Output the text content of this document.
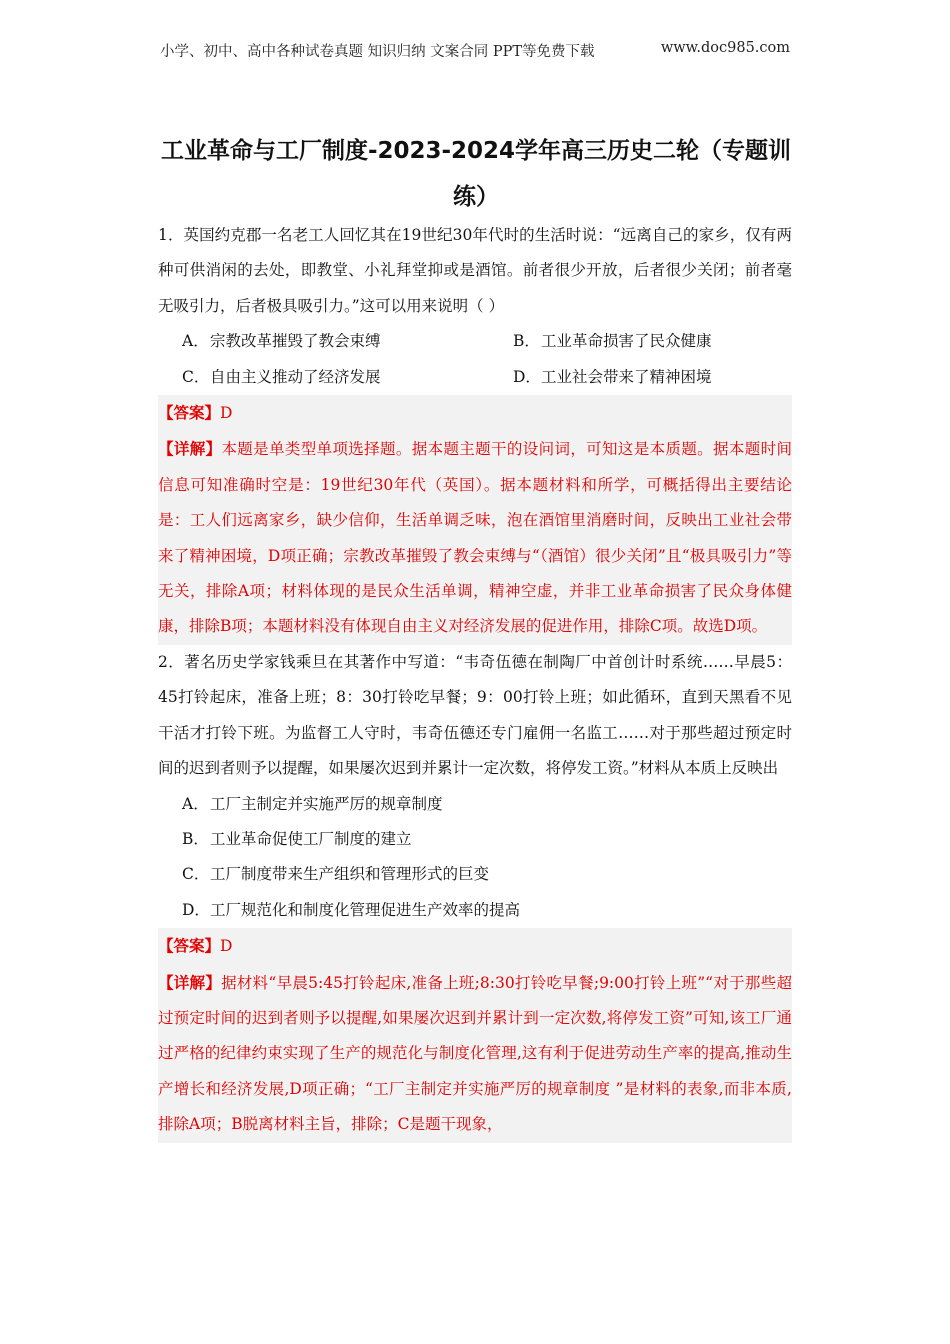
小学、初中、高中各种试卷真题 知识归纳 文案合同 PPT等免费下载	www.doc985.com
工业革命与工厂制度-2023-2024学年高三历史二轮（专题训练）
1．英国约克郡一名老工人回忆其在19世纪30年代时的生活时说：“远离自己的家乡，仅有两种可供消闲的去处，即教堂、小礼拜堂抑或是酒馆。前者很少开放，后者很少关闭；前者毫无吸引力，后者极具吸引力。”这可以用来说明（ ）
A．宗教改革摧毁了教会束缚	B．工业革命损害了民众健康
C．自由主义推动了经济发展	D．工业社会带来了精神困境
【答案】D
【详解】本题是单类型单项选择题。据本题主题干的设问词，可知这是本质题。据本题时间信息可知准确时空是：19世纪30年代（英国）。据本题材料和所学，可概括得出主要结论是：工人们远离家乡，缺少信仰，生活单调乏味，泡在酒馆里消磨时间，反映出工业社会带来了精神困境，D项正确；宗教改革摧毁了教会束缚与“（酒馆）很少关闭”且“极具吸引力”等无关，排除A项；材料体现的是民众生活单调，精神空虚，并非工业革命损害了民众身体健康，排除B项；本题材料没有体现自由主义对经济发展的促进作用，排除C项。故选D项。
2．著名历史学家钱乘旦在其著作中写道：“韦奇伍德在制陶厂中首创计时系统……早晨5：45打铃起床，准备上班；8：30打铃吃早餐；9：00打铃上班；如此循环，直到天黑看不见干活才打铃下班。为监督工人守时，韦奇伍德还专门雇佣一名监工……对于那些超过预定时间的迟到者则予以提醒，如果屡次迟到并累计一定次数，将停发工资。”材料从本质上反映出
A．工厂主制定并实施严厉的规章制度
B．工业革命促使工厂制度的建立
C．工厂制度带来生产组织和管理形式的巨变
D．工厂规范化和制度化管理促进生产效率的提高
【答案】D
【详解】据材料“早晨5:45打铃起床,准备上班;8:30打铃吃早餐;9:00打铃上班”“对于那些超过预定时间的迟到者则予以提醒,如果屡次迟到并累计到一定次数,将停发工资”可知,该工厂通过严格的纪律约束实现了生产的规范化与制度化管理,这有利于促进劳动生产率的提高,推动生产增长和经济发展,D项正确；“工厂主制定并实施严厉的规章制度 ”是材料的表象,而非本质,排除A项；B脱离材料主旨，排除；C是题干现象，
